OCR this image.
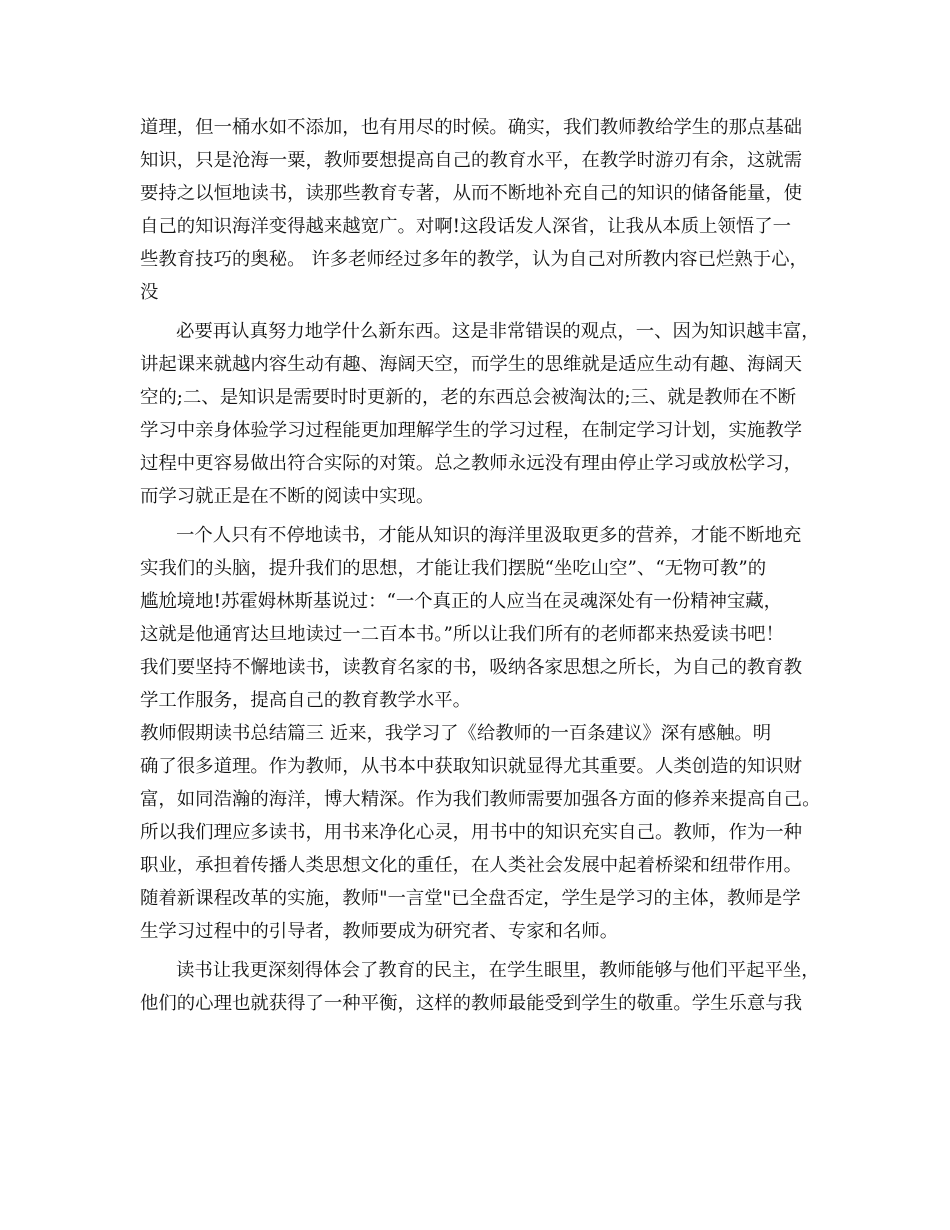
道理，但一桶水如不添加，也有用尽的时候。确实，我们教师教给学生的那点基础
知识，只是沧海一粟，教师要想提高自己的教育水平，在教学时游刃有余，这就需
要持之以恒地读书，读那些教育专著，从而不断地补充自己的知识的储备能量，使
自己的知识海洋变得越来越宽广。对啊!这段话发人深省，让我从本质上领悟了一
些教育技巧的奥秘。 许多老师经过多年的教学，认为自己对所教内容已烂熟于心，
没
必要再认真努力地学什么新东西。这是非常错误的观点，一、因为知识越丰富，
讲起课来就越内容生动有趣、海阔天空，而学生的思维就是适应生动有趣、海阔天
空的;二、是知识是需要时时更新的，老的东西总会被淘汰的;三、就是教师在不断
学习中亲身体验学习过程能更加理解学生的学习过程，在制定学习计划，实施教学
过程中更容易做出符合实际的对策。总之教师永远没有理由停止学习或放松学习，
而学习就正是在不断的阅读中实现。
一个人只有不停地读书，才能从知识的海洋里汲取更多的营养，才能不断地充
实我们的头脑，提升我们的思想，才能让我们摆脱“坐吃山空”、“无物可教”的
尴尬境地!苏霍姆林斯基说过：“一个真正的人应当在灵魂深处有一份精神宝藏，
这就是他通宵达旦地读过一二百本书。”所以让我们所有的老师都来热爱读书吧！
我们要坚持不懈地读书，读教育名家的书，吸纳各家思想之所长，为自己的教育教
学工作服务，提高自己的教育教学水平。
教师假期读书总结篇三 近来，我学习了《给教师的一百条建议》深有感触。明
确了很多道理。作为教师，从书本中获取知识就显得尤其重要。人类创造的知识财
富，如同浩瀚的海洋，博大精深。作为我们教师需要加强各方面的修养来提高自己。
所以我们理应多读书，用书来净化心灵，用书中的知识充实自己。教师，作为一种
职业，承担着传播人类思想文化的重任，在人类社会发展中起着桥梁和纽带作用。
随着新课程改革的实施，教师"一言堂"已全盘否定，学生是学习的主体，教师是学
生学习过程中的引导者，教师要成为研究者、专家和名师。
读书让我更深刻得体会了教育的民主，在学生眼里，教师能够与他们平起平坐，
他们的心理也就获得了一种平衡，这样的教师最能受到学生的敬重。学生乐意与我
